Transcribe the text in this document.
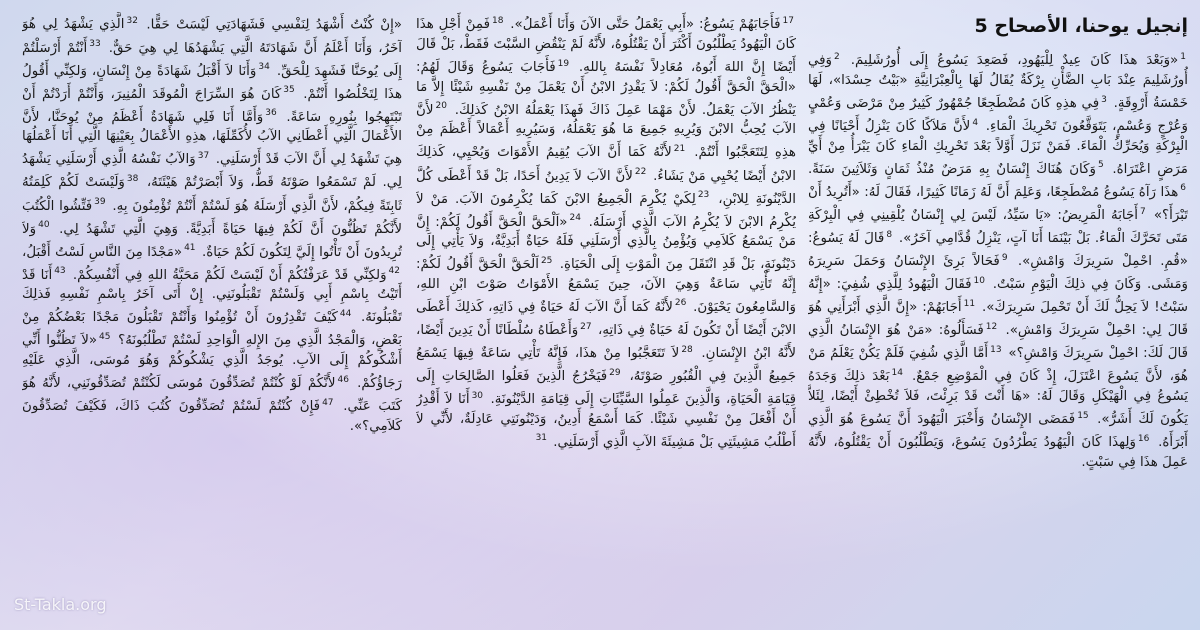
إنجيل يوحنا، الأصحاح 5
$^1$«وَبَعْدَ هذَا كَانَ عِيدٌ لِلْيَهُودِ، فَصَعِدَ يَسُوعُ إِلَى أُورُشَلِيمَ. $^2$وَفِي أُورُشَلِيمَ عِنْدَ بَابِ الضَّأْنِ بِرْكَةٌ يُقَالُ لَهَا بِالْعِبْرَانِيَّةِ «بَيْتُ حِسْدَا»، لَهَا خَمْسَةُ أَرْوِقَةٍ. $^3$فِي هذِهِ كَانَ مُضْطَجِعًا جُمْهُورٌ كَثِيرٌ مِنْ مَرْضَى وَعُمْيٍ وَعُرْجٍ وَعُسْمٍ، يَتَوَقَّعُونَ تَحْرِيكَ الْمَاءِ. $^4$لأَنَّ مَلاَكًا كَانَ يَنْزِلُ أَحْيَانًا فِي الْبِرْكَةِ وَيُحَرِّكُ الْمَاءَ. فَمَنْ نَزَلَ أَوَّلاً بَعْدَ تَحْرِيكِ الْمَاءِ كَانَ يَبْرَأُ مِنْ أَيِّ مَرَضٍ اعْتَرَاهُ. $^5$وَكَانَ هُنَاكَ إِنْسَانٌ بِهِ مَرَضٌ مُنْذُ ثَمَانٍ وَثَلاَثِينَ سَنَةً. $^6$هذَا رَآهُ يَسُوعُ مُضْطَجِعًا، وَعَلِمَ أَنَّ لَهُ زَمَانًا كَثِيرًا، فَقَالَ لَهُ: «أَتُرِيدُ أَنْ تَبْرَأَ؟» $^7$أَجَابَهُ الْمَرِيضُ: «يَا سَيِّدُ، لَيْسَ لِي إِنْسَانٌ يُلْقِينِي فِي الْبِرْكَةِ مَتَى تَحَرَّكَ الْمَاءُ. بَلْ بَيْنَمَا أَنَا آتٍ، يَنْزِلُ قُدَّامِي آخَرُ». $^8$قَالَ لَهُ يَسُوعُ: «قُمِ. احْمِلْ سَرِيرَكَ وَامْشِ». $^9$فَحَالاً بَرِئَ الإِنْسَانُ وَحَمَلَ سَرِيرَهُ وَمَشَى. وَكَانَ فِي ذلِكَ الْيَوْمِ سَبْتٌ. $^{10}$فَقَالَ الْيَهُودُ لِلَّذِي شُفِيَ: «إِنَّهُ سَبْتٌ! لاَ يَحِلُّ لَكَ أَنْ تَحْمِلَ سَرِيرَكَ». $^{11}$أَجَابَهُمْ: «إِنَّ الَّذِي أَبْرَأَنِي هُوَ قَالَ لِي: احْمِلْ سَرِيرَكَ وَامْشِ». $^{12}$فَسَأَلُوهُ: «مَنْ هُوَ الإِنْسَانُ الَّذِي قَالَ لَكَ: احْمِلْ سَرِيرَكَ وَامْشِ؟» $^{13}$أَمَّا الَّذِي شُفِيَ فَلَمْ يَكُنْ يَعْلَمُ مَنْ هُوَ، لأَنَّ يَسُوعَ اعْتَزَلَ، إِذْ كَانَ فِي الْمَوْضِعِ جَمْعٌ. $^{14}$بَعْدَ ذلِكَ وَجَدَهُ يَسُوعُ فِي الْهَيْكَلِ وَقَالَ لَهُ: «هَا أَنْتَ قَدْ بَرِئْتَ، فَلاَ تُخْطِئْ أَيْضًا، لِئَلاَّ يَكُونَ لَكَ أَشَرُّ». $^{15}$فَمَضَى الإِنْسَانُ وَأَخْبَرَ الْيَهُودَ أَنَّ يَسُوعَ هُوَ الَّذِي أَبْرَأَهُ. $^{16}$وَلِهذَا كَانَ الْيَهُودُ يَطْرُدُونَ يَسُوعَ، وَيَطْلُبُونَ أَنْ يَقْتُلُوهُ، لأَنَّهُ عَمِلَ هذَا فِي سَبْتٍ.
$^{17}$فَأَجَابَهُمْ يَسُوعُ: «أَبِي يَعْمَلُ حَتَّى الآنَ وَأَنَا أَعْمَلُ». $^{18}$فَمِنْ أَجْلِ هذَا كَانَ الْيَهُودُ يَطْلُبُونَ أَكْثَرَ أَنْ يَقْتُلُوهُ، لأَنَّهُ لَمْ يَنْقُضِ السَّبْتَ فَقَطْ، بَلْ قَالَ أَيْضًا إِنَّ اللهَ أَبُوهُ، مُعَادِلاً نَفْسَهُ بِاللهِ. $^{19}$فَأَجَابَ يَسُوعُ وَقَالَ لَهُمُ: «الْحَقَّ الْحَقَّ أَقُولُ لَكُمْ: لاَ يَقْدِرُ الابْنُ أَنْ يَعْمَلَ مِنْ نَفْسِهِ شَيْئًا إِلاَّ مَا يَنْظُرُ الآبَ يَعْمَلُ. لأَنْ مَهْمَا عَمِلَ ذَاكَ فَهذَا يَعْمَلُهُ الابْنُ كَذلِكَ. $^{20}$لأَنَّ الآبَ يُحِبُّ الابْنَ وَيُرِيهِ جَمِيعَ مَا هُوَ يَعْمَلُهُ، وَسَيُرِيهِ أَعْمَالاً أَعْظَمَ مِنْ هذِهِ لِتَتَعَجَّبُوا أَنْتُمْ. $^{21}$لأَنَّهُ كَمَا أَنَّ الآبَ يُقِيمُ الأَمْوَاتَ وَيُحْيِي، كَذلِكَ الابْنُ أَيْضًا يُحْيِي مَنْ يَشَاءُ. $^{22}$لأَنَّ الآبَ لاَ يَدِينُ أَحَدًا، بَلْ قَدْ أَعْطَى كُلَّ الدَّيْنُونَةِ لِلابْنِ، $^{23}$لِكَيْ يُكْرِمَ الْجَمِيعُ الابْنَ كَمَا يُكْرِمُونَ الآبَ. مَنْ لاَ يُكْرِمُ الابْنَ لاَ يُكْرِمُ الآبَ الَّذِي أَرْسَلَهُ. $^{24}$«اَلْحَقَّ الْحَقَّ أَقُولُ لَكُمْ: إِنَّ مَنْ يَسْمَعُ كَلاَمِي وَيُؤْمِنُ بِالَّذِي أَرْسَلَنِي فَلَهُ حَيَاةٌ أَبَدِيَّةٌ، وَلاَ يَأْتِي إِلَى دَيْنُونَةٍ، بَلْ قَدِ انْتَقَلَ مِنَ الْمَوْتِ إِلَى الْحَيَاةِ. $^{25}$اَلْحَقَّ الْحَقَّ أَقُولُ لَكُمْ: إِنَّهُ تَأْتِي سَاعَةٌ وَهِيَ الآنَ، حِينَ يَسْمَعُ الأَمْوَاتُ صَوْتَ ابْنِ اللهِ، وَالسَّامِعُونَ يَحْيَوْنَ. $^{26}$لأَنَّهُ كَمَا أَنَّ الآبَ لَهُ حَيَاةٌ فِي ذَاتِهِ، كَذلِكَ أَعْطَى الابْنَ أَيْضًا أَنْ تَكُونَ لَهُ حَيَاةٌ فِي ذَاتِهِ، $^{27}$وَأَعْطَاهُ سُلْطَانًا أَنْ يَدِينَ أَيْضًا، لأَنَّهُ ابْنُ الإِنْسَانِ. $^{28}$لاَ تَتَعَجَّبُوا مِنْ هذَا، فَإِنَّهُ تَأْتِي سَاعَةٌ فِيهَا يَسْمَعُ جَمِيعُ الَّذِينَ فِي الْقُبُورِ صَوْتَهُ، $^{29}$فَيَخْرُجُ الَّذِينَ فَعَلُوا الصَّالِحَاتِ إِلَى قِيَامَةِ الْحَيَاةِ، وَالَّذِينَ عَمِلُوا السَّيِّئَاتِ إِلَى قِيَامَةِ الدَّيْنُونَةِ. $^{30}$أَنَا لاَ أَقْدِرُ أَنْ أَفْعَلَ مِنْ نَفْسِي شَيْئًا. كَمَا أَسْمَعُ أَدِينُ، وَدَيْنُونَتِي عَادِلَةٌ، لأَنِّي لاَ أَطْلُبُ مَشِيئَتِي بَلْ مَشِيئَةَ الآبِ الَّذِي أَرْسَلَنِي. $^{31}$
«إِنْ كُنْتُ أَشْهَدُ لِنَفْسِي فَشَهَادَتِي لَيْسَتْ حَقًّا. $^{32}$الَّذِي يَشْهَدُ لِي هُوَ آخَرُ، وَأَنَا أَعْلَمُ أَنَّ شَهَادَتَهُ الَّتِي يَشْهَدُهَا لِي هِيَ حَقٌّ. $^{33}$أَنْتُمْ أَرْسَلْتُمْ إِلَى يُوحَنَّا فَشَهِدَ لِلْحَقِّ. $^{34}$وَأَنَا لاَ أَقْبَلُ شَهَادَةً مِنْ إِنْسَانٍ، وَلكِنِّي أَقُولُ هذَا لِتَخْلُصُوا أَنْتُمْ. $^{35}$كَانَ هُوَ السِّرَاجَ الْمُوقَدَ الْمُنِيرَ، وَأَنْتُمْ أَرَدْتُمْ أَنْ تَبْتَهِجُوا بِنُورِهِ سَاعَةً. $^{36}$وَأَمَّا أَنَا فَلِي شَهَادَةٌ أَعْظَمُ مِنْ يُوحَنَّا، لأَنَّ الأَعْمَالَ الَّتِي أَعْطَانِي الآبُ لأُكَمِّلَهَا، هذِهِ الأَعْمَالُ بِعَيْنِهَا الَّتِي أَنَا أَعْمَلُهَا هِيَ تَشْهَدُ لِي أَنَّ الآبَ قَدْ أَرْسَلَنِي. $^{37}$وَالآبُ نَفْسُهُ الَّذِي أَرْسَلَنِي يَشْهَدُ لِي. لَمْ تَسْمَعُوا صَوْتَهُ قَطُّ، وَلاَ أَبْصَرْتُمْ هَيْئَتَهُ، $^{38}$وَلَيْسَتْ لَكُمْ كَلِمَتُهُ ثَابِتَةً فِيكُمْ، لأَنَّ الَّذِي أَرْسَلَهُ هُوَ لَسْتُمْ أَنْتُمْ تُؤْمِنُونَ بِهِ. $^{39}$فَتِّشُوا الْكُتُبَ لأَنَّكُمْ تَظُنُّونَ أَنَّ لَكُمْ فِيهَا حَيَاةً أَبَدِيَّةً. وَهِيَ الَّتِي تَشْهَدُ لِي. $^{40}$وَلاَ تُرِيدُونَ أَنْ تَأْتُوا إِلَيَّ لِتَكُونَ لَكُمْ حَيَاةٌ. $^{41}$«مَجْدًا مِنَ النَّاسِ لَسْتُ أَقْبَلُ، $^{42}$وَلكِنِّي قَدْ عَرَفْتُكُمْ أَنْ لَيْسَتْ لَكُمْ مَحَبَّةُ اللهِ فِي أَنْفُسِكُمْ. $^{43}$أَنَا قَدْ أَتَيْتُ بِاسْمِ أَبِي وَلَسْتُمْ تَقْبَلُونَنِي. إِنْ أَتَى آخَرُ بِاسْمِ نَفْسِهِ فَذلِكَ تَقْبَلُونَهُ. $^{44}$كَيْفَ تَقْدِرُونَ أَنْ تُؤْمِنُوا وَأَنْتُمْ تَقْبَلُونَ مَجْدًا بَعْضُكُمْ مِنْ بَعْضٍ، وَالْمَجْدُ الَّذِي مِنَ الإِلهِ الْوَاحِدِ لَسْتُمْ تَطْلُبُونَهُ؟ $^{45}$«لاَ تَظُنُّوا أَنِّي أَشْكُوكُمْ إِلَى الآبِ. يُوجَدُ الَّذِي يَشْكُوكُمْ وَهُوَ مُوسَى، الَّذِي عَلَيْهِ رَجَاؤُكُمْ. $^{46}$لأَنَّكُمْ لَوْ كُنْتُمْ تُصَدِّقُونَ مُوسَى لَكُنْتُمْ تُصَدِّقُونَنِي، لأَنَّهُ هُوَ كَتَبَ عَنِّي. $^{47}$فَإِنْ كُنْتُمْ لَسْتُمْ تُصَدِّقُونَ كُتُبَ ذَاكَ، فَكَيْفَ تُصَدِّقُونَ كَلاَمِي؟».
St-Takla.org
